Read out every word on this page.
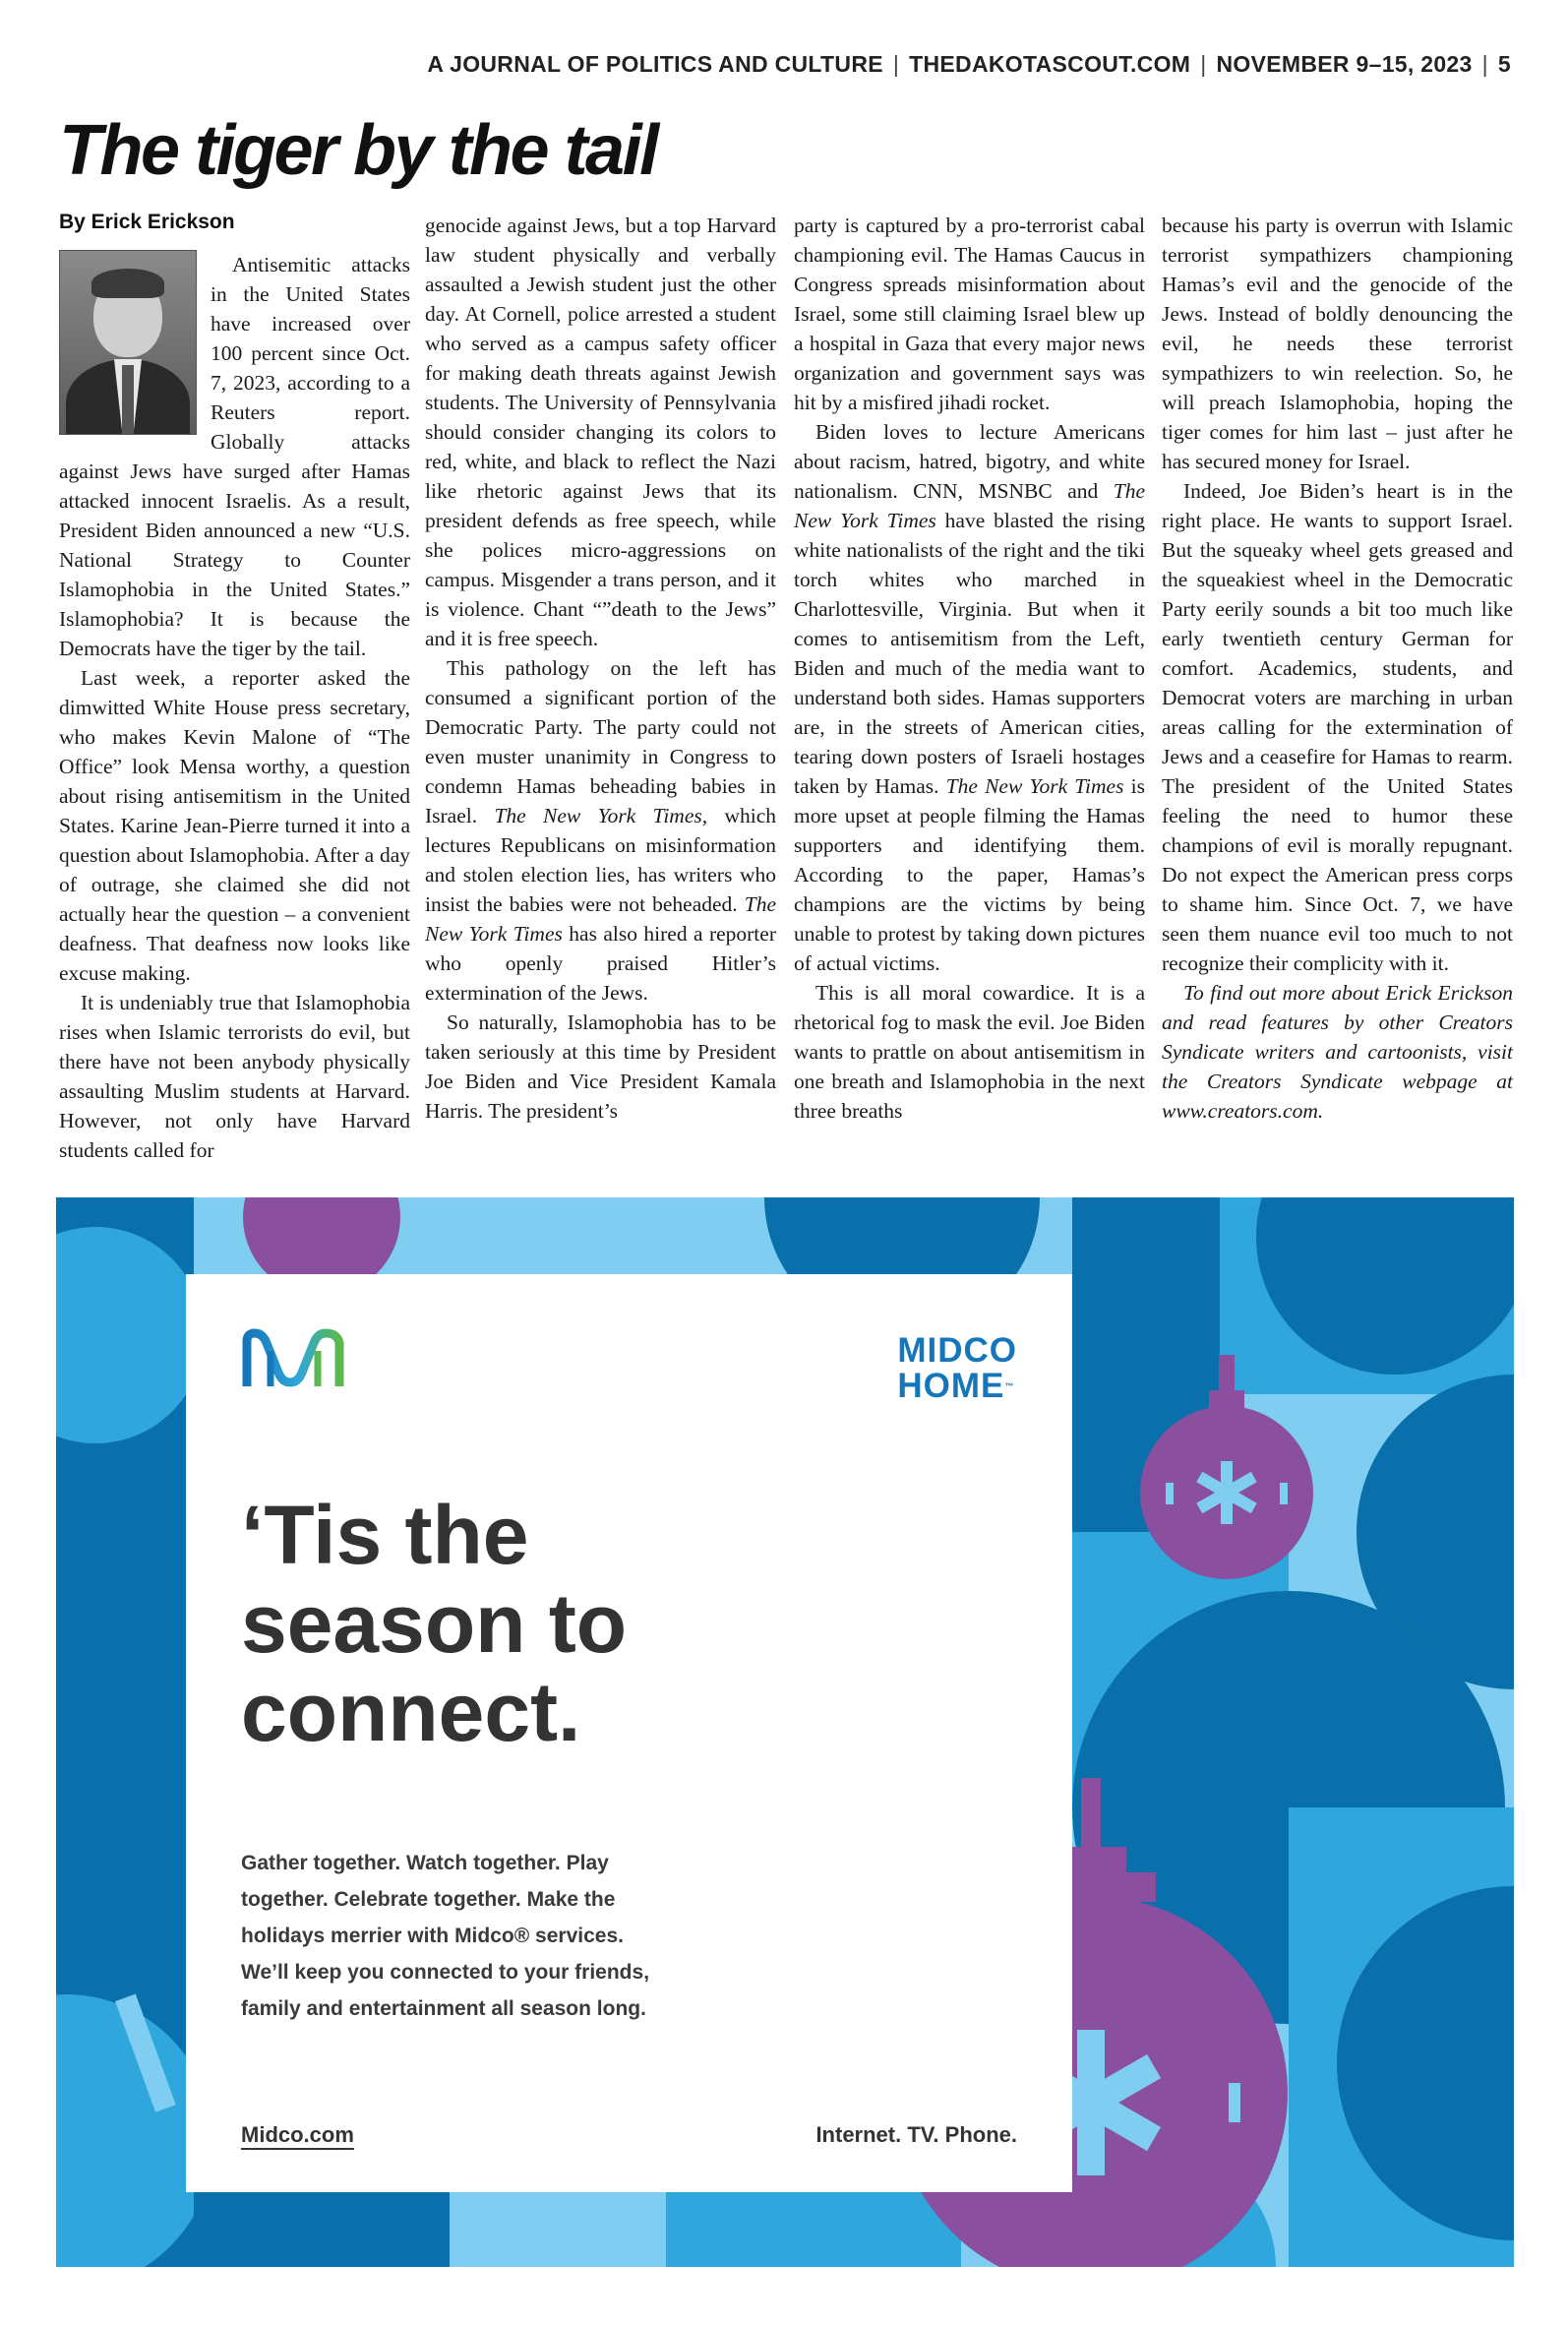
A JOURNAL OF POLITICS AND CULTURE | THEDAKOTASCOUT.COM | NOVEMBER 9–15, 2023 | 5
The tiger by the tail
By Erick Erickson

Antisemitic attacks in the United States have increased over 100 percent since Oct. 7, 2023, according to a Reuters report. Globally attacks against Jews have surged after Hamas attacked innocent Israelis. As a result, President Biden announced a new “U.S. National Strategy to Counter Islamophobia in the United States.” Islamophobia? It is because the Democrats have the tiger by the tail.

Last week, a reporter asked the dimwitted White House press secretary, who makes Kevin Malone of “The Office” look Mensa worthy, a question about rising antisemitism in the United States. Karine Jean-Pierre turned it into a question about Islamophobia. After a day of outrage, she claimed she did not actually hear the question – a convenient deafness. That deafness now looks like excuse making.

It is undeniably true that Islamophobia rises when Islamic terrorists do evil, but there have not been anybody physically assaulting Muslim students at Harvard. However, not only have Harvard students called for

genocide against Jews, but a top Harvard law student physically and verbally assaulted a Jewish student just the other day. At Cornell, police arrested a student who served as a campus safety officer for making death threats against Jewish students. The University of Pennsylvania should consider changing its colors to red, white, and black to reflect the Nazi like rhetoric against Jews that its president defends as free speech, while she polices micro-aggressions on campus. Misgender a trans person, and it is violence. Chant “”death to the Jews” and it is free speech.

This pathology on the left has consumed a significant portion of the Democratic Party. The party could not even muster unanimity in Congress to condemn Hamas beheading babies in Israel. The New York Times, which lectures Republicans on misinformation and stolen election lies, has writers who insist the babies were not beheaded. The New York Times has also hired a reporter who openly praised Hitler’s extermination of the Jews.

So naturally, Islamophobia has to be taken seriously at this time by President Joe Biden and Vice President Kamala Harris. The president’s

party is captured by a pro-terrorist cabal championing evil. The Hamas Caucus in Congress spreads misinformation about Israel, some still claiming Israel blew up a hospital in Gaza that every major news organization and government says was hit by a misfired jihadi rocket.

Biden loves to lecture Americans about racism, hatred, bigotry, and white nationalism. CNN, MSNBC and The New York Times have blasted the rising white nationalists of the right and the tiki torch whites who marched in Charlottesville, Virginia. But when it comes to antisemitism from the Left, Biden and much of the media want to understand both sides. Hamas supporters are, in the streets of American cities, tearing down posters of Israeli hostages taken by Hamas. The New York Times is more upset at people filming the Hamas supporters and identifying them. According to the paper, Hamas’s champions are the victims by being unable to protest by taking down pictures of actual victims.

This is all moral cowardice. It is a rhetorical fog to mask the evil. Joe Biden wants to prattle on about antisemitism in one breath and Islamophobia in the next three breaths

because his party is overrun with Islamic terrorist sympathizers championing Hamas’s evil and the genocide of the Jews. Instead of boldly denouncing the evil, he needs these terrorist sympathizers to win reelection. So, he will preach Islamophobia, hoping the tiger comes for him last – just after he has secured money for Israel.

Indeed, Joe Biden’s heart is in the right place. He wants to support Israel. But the squeaky wheel gets greased and the squeakiest wheel in the Democratic Party eerily sounds a bit too much like early twentieth century German for comfort. Academics, students, and Democrat voters are marching in urban areas calling for the extermination of Jews and a ceasefire for Hamas to rearm. The president of the United States feeling the need to humor these champions of evil is morally repugnant. Do not expect the American press corps to shame him. Since Oct. 7, we have seen them nuance evil too much to not recognize their complicity with it.

To find out more about Erick Erickson and read features by other Creators Syndicate writers and cartoonists, visit the Creators Syndicate webpage at www.creators.com.

MIDCO
HOME™
‘Tis the
season to
connect.
Gather together. Watch together. Play
together. Celebrate together. Make the
holidays merrier with Midco® services.
We’ll keep you connected to your friends,
family and entertainment all season long.
Midco.com	Internet. TV. Phone.
